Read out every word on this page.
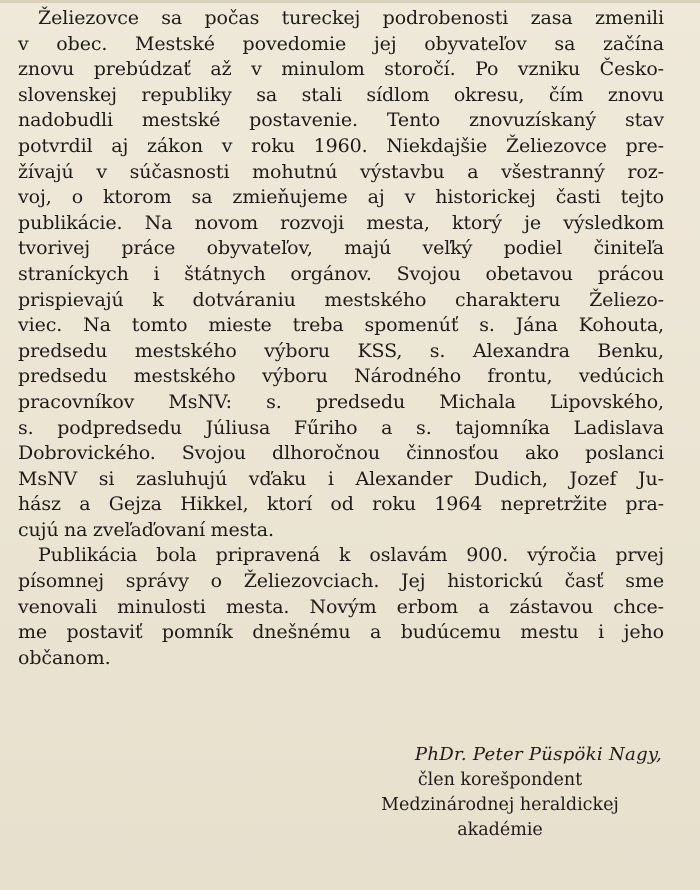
Želiezovce sa počas tureckej podrobenosti zasa zmenili
v obec. Mestské povedomie jej obyvateľov sa začína
znovu prebúdzať až v minulom storočí. Po vzniku Česko-
slovenskej republiky sa stali sídlom okresu, čím znovu
nadobudli mestské postavenie. Tento znovuzískaný stav
potvrdil aj zákon v roku 1960. Niekdajšie Želiezovce pre-
žívajú v súčasnosti mohutnú výstavbu a všestranný roz-
voj, o ktorom sa zmieňujeme aj v historickej časti tejto
publikácie. Na novom rozvoji mesta, ktorý je výsledkom
tvorivej práce obyvateľov, majú veľký podiel činiteľa
straníckych i štátnych orgánov. Svojou obetavou prácou
prispievajú k dotváraniu mestského charakteru Želiezo-
viec. Na tomto mieste treba spomenúť s. Jána Kohouta,
predsedu mestského výboru KSS, s. Alexandra Benku,
predsedu mestského výboru Národného frontu, vedúcich
pracovníkov MsNV: s. predsedu Michala Lipovského,
s. podpredsedu Júliusa Fűriho a s. tajomníka Ladislava
Dobrovického. Svojou dlhoročnou činnosťou ako poslanci
MsNV si zasluhujú vďaku i Alexander Dudich, Jozef Ju-
hász a Gejza Hikkel, ktorí od roku 1964 nepretržite pra-
cujú na zveľaďovaní mesta.
Publikácia bola pripravená k oslavám 900. výročia prvej
písomnej správy o Želiezovciach. Jej historickú časť sme
venovali minulosti mesta. Novým erbom a zástavou chce-
me postaviť pomník dnešnému a budúcemu mestu i jeho
občanom.
PhDr. Peter Püspöki Nagy,
člen korešpondent
Medzinárodnej heraldickej
akadémie
